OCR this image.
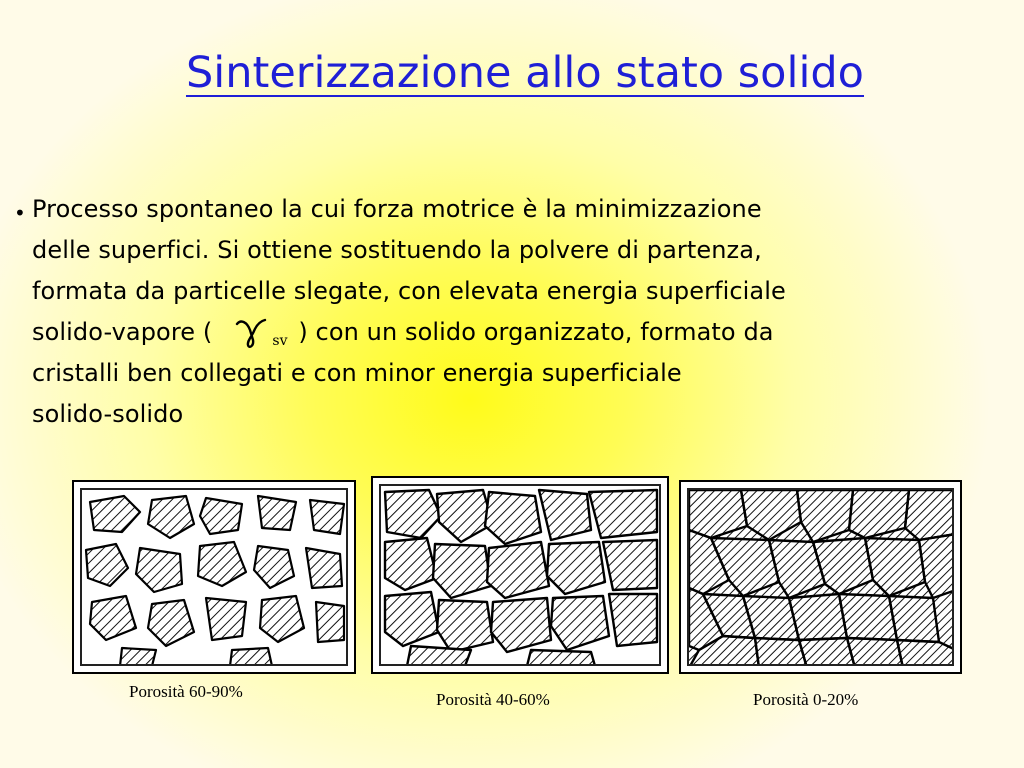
Sinterizzazione allo stato solido
• Processo spontaneo la cui forza motrice è la minimizzazione
delle superfici. Si ottiene sostituendo la polvere di partenza,
formata da particelle slegate, con elevata energia superficiale
solido-vapore (	sv ) con un solido organizzato, formato da
cristalli ben collegati e con minor energia superficiale
solido-solido
Porosità 60-90%	Porosità 40-60%	Porosità 0-20%
